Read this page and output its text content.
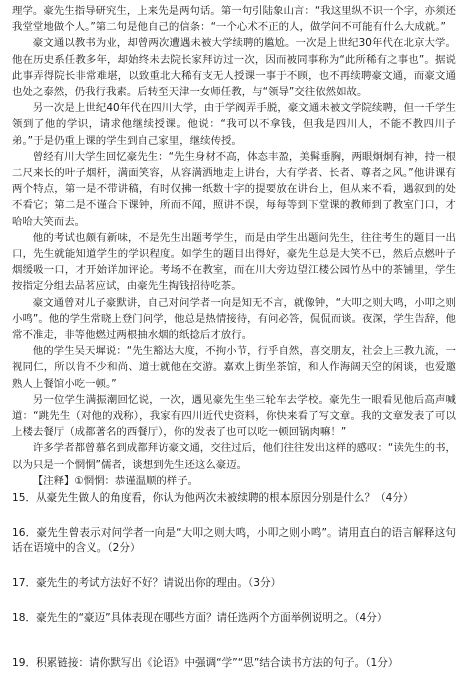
理学。豪先生指导研究生，上来先是两句话。第一句引陆象山言：“我这里纵不识一个字，亦须还我堂堂地做个人。”第二句是他自己的信条：“一个心术不正的人，做学问不可能有什么大成就。”

豪文通以教书为业，却曾两次遭遇未被大学续聘的尴尬。一次是上世纪30年代在北京大学。他在历史系任教多年，却始终未去院长家拜访过一次，因而被同事称为“此所稀有之事也”。据说此事弄得院长非常难堪，以致重北大稀有支无人授课一事于不顾，也不再续聘豪文通，而豪文通也处之泰然，仍我行我素。后转至天津一女师任教，与“领导”交往依然如故。

另一次是上世纪40年代在四川大学，由于学阀弄手脱，豪文通未被文学院续聘，但一千学生领到了他的学识，请求他继续授课。他说：“我可以不拿钱，但我是四川人，不能不教四川子弟。”于是仍重上课的学生到自己家里，继续传授。

曾经有川大学生回忆豪先生：“先生身材不高，体态丰盈，美髯垂胸，两眼炯炯有神，持一根二尺来长的叶子烟杆，满面笑容，从容满洒地走上讲台，大有学者、长者、尊者之风。”他讲课有两个特点，第一是不带讲稿，有时仅拂一纸数十字的提要放在讲台上，但从来不看，遇叙到的处不看它；第二是不谨合下课钟，所而不闻，照讲不误，每每等到下堂课的教师到了教室门口，才哈哈大笑而去。

他的考试也颇有新味，不是先生出题考学生，而是由学生出题问先生，往往考生的题目一出口，先生就能知道学生的学识程度。如学生的题目出得好，豪先生总是大笑不已，然后点燃叶子烟缓吸一口，才开始详加评论。考场不在教室，而在川大旁边望江楼公园竹丛中的茶铺里，学生按指定分组去品茗应试，由豪先生掏钱招待吃茶。

豪文通曾对儿子豪默讲，自己对问学者一向是知无不言，就像钟，“大叩之则大鸣，小叩之则小鸣”。他的学生常晓上登门问学，他总是热情接待，有问必答，侃侃而谈。夜深，学生告辞，他常不准走，非等他燃过两根抽水烟的纸捻后才放行。

他的学生吴天墀说：“先生豁达大度，不拘小节，行乎自然，喜交朋友，社会上三教九流，一视同仁，所以肯不少和尚、道士就他在交游。嘉欢上街坐茶馆，和人作海阔天空的闲谈，也爱邀熟人上餐馆小吃一顿。”

另一位学生满振潮回忆说，一次，遇见豪先生坐三轮车去学校。豪先生一眼看见他后高声喊道：“跳先生（对他的戏称），我家有四川近代史资料，你快来看了写文章。我的文章发表了可以上楼去餐厅（成都著名的西餐厅），你的发表了也可以吃一顿回锅肉嘛！”

许多学者都曾慕名到成都拜访豪文通，交往过后，他们往往发出这样的感叹：“读先生的书，以为只是一个惘惘”儒者，谈想到先生还这么豪迈。

【注释】①惘惘：恭谨温顺的样子。

15．从豪先生做人的角度看，你认为他两次未被续聘的根本原因分别是什么？（4分）

16．豪先生曾表示对问学者一向是“大叩之则大鸣，小叩之则小鸣”。请用直白的语言解释这句话在语境中的含义。（2分）

17．豪先生的考试方法好不好？请说出你的理由。（3分）

18．豪先生的“豪迈”具体表现在哪些方面？请任选两个方面举例说明之。（4分）

19．积累链接：请你默写出《论语》中强调“学”“思”结合读书方法的句子。（1分）
